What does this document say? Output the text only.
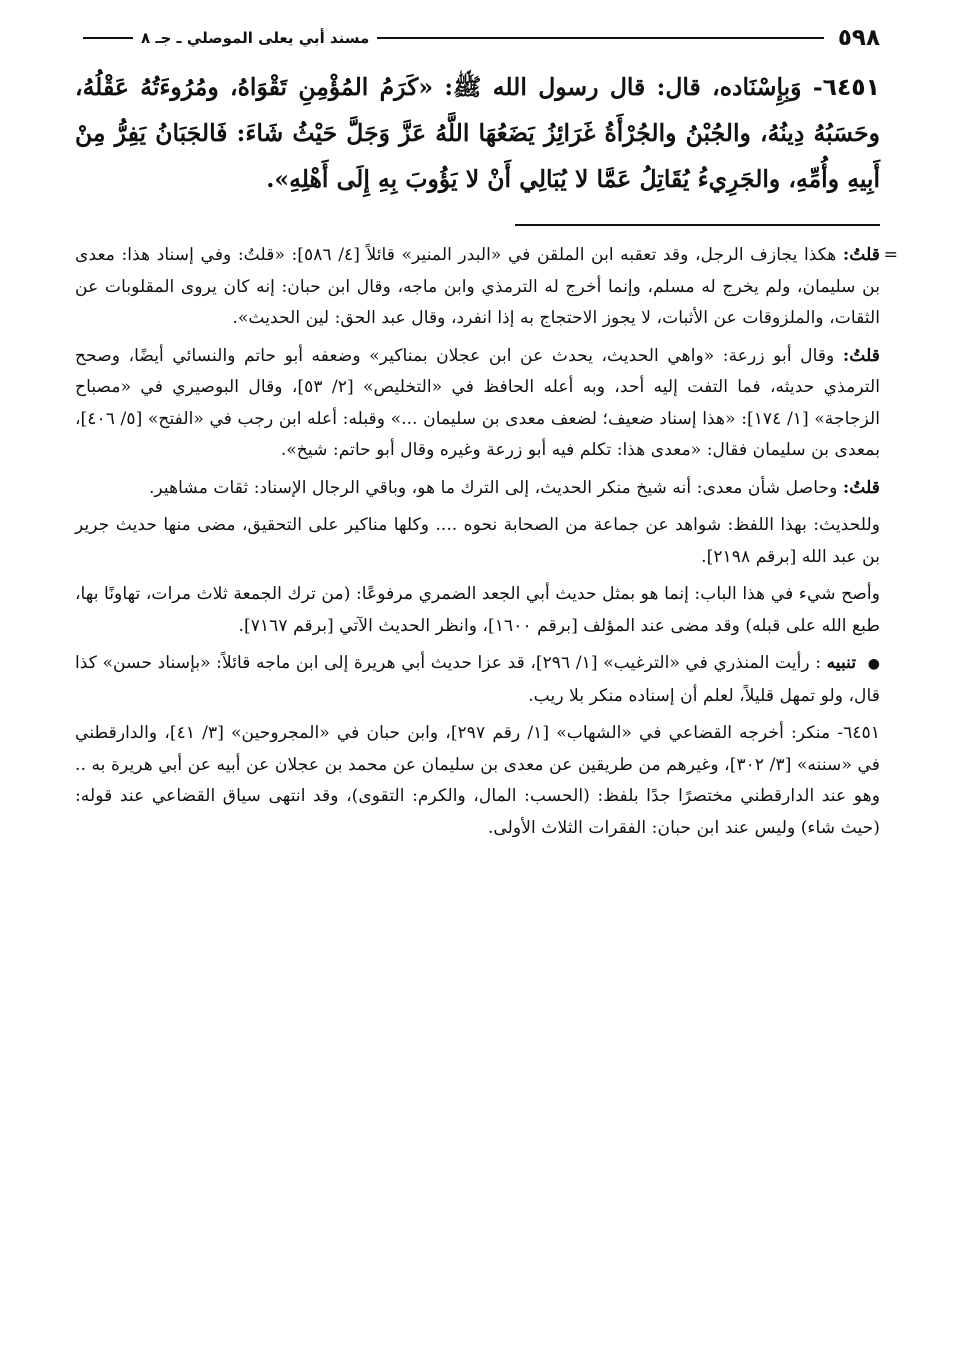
٥٩٨
مسند أبي يعلى الموصلي ـ جـ ٨
٦٤٥١- وَبِإِسْنَاده، قال: قال رسول الله ﷺ: «كَرَمُ المُؤْمِنِ تَقْوَاهُ، ومُرُوءَتُهُ عَقْلُهُ، وحَسَبُهُ دِينُهُ، والجُبْنُ والجُرْأَةُ غَرَائِزُ يَضَعُهَا اللَّهُ عَزَّ وَجَلَّ حَيْثُ شَاءَ: فَالجَبَانُ يَفِرُّ مِنْ أَبِيهِ وأُمِّهِ، والجَرِيءُ يُقَاتِلُ عَمَّا لا يُبَالِي أَنْ لا يَؤُوبَ بِهِ إِلَى أَهْلِهِ».

=
قلتُ: هكذا يجازف الرجل، وقد تعقبه ابن الملقن في «البدر المنير» قائلاً [٤/ ٥٨٦]: «قلتُ: وفي إسناد هذا: معدى بن سليمان، ولم يخرج له مسلم، وإنما أخرج له الترمذي وابن ماجه، وقال ابن حبان: إنه كان يروى المقلوبات عن الثقات، والملزوقات عن الأثبات، لا يجوز الاحتجاج به إذا انفرد، وقال عبد الحق: لين الحديث».

قلتُ: وقال أبو زرعة: «واهي الحديث، يحدث عن ابن عجلان بمناكير» وضعفه أبو حاتم والنسائي أيضًا، وصحح الترمذي حديثه، فما التفت إليه أحد، وبه أعله الحافظ في «التخليص» [٢/ ٥٣]، وقال البوصيري في «مصباح الزجاجة» [١/ ١٧٤]: «هذا إسناد ضعيف؛ لضعف معدى بن سليمان ...» وقبله: أعله ابن رجب في «الفتح» [٥/ ٤٠٦]، بمعدى بن سليمان فقال: «معدى هذا: تكلم فيه أبو زرعة وغيره وقال أبو حاتم: شيخ».

قلتُ: وحاصل شأن معدى: أنه شيخ منكر الحديث، إلى الترك ما هو، وباقي الرجال الإسناد: ثقات مشاهير.

وللحديث: بهذا اللفظ: شواهد عن جماعة من الصحابة نحوه .... وكلها مناكير على التحقيق، مضى منها حديث جرير بن عبد الله [برقم ٢١٩٨].

وأصح شيء في هذا الباب: إنما هو بمثل حديث أبي الجعد الضمري مرفوعًا: (من ترك الجمعة ثلاث مرات، تهاونًا بها، طبع الله على قبله) وقد مضى عند المؤلف [برقم ١٦٠٠]، وانظر الحديث الآتي [برقم ٧١٦٧].

● تنبيه : رأيت المنذري في «الترغيب» [١/ ٢٩٦]، قد عزا حديث أبي هريرة إلى ابن ماجه قائلاً: «بإسناد حسن» كذا قال، ولو تمهل قليلاً، لعلم أن إسناده منكر بلا ريب.

٦٤٥١- منكر: أخرجه القضاعي في «الشهاب» [١/ رقم ٢٩٧]، وابن حبان في «المجروحين» [٣/ ٤١]، والدارقطني في «سننه» [٣/ ٣٠٢]، وغيرهم من طريقين عن معدى بن سليمان عن محمد بن عجلان عن أبيه عن أبي هريرة به .. وهو عند الدارقطني مختصرًا جدًا بلفظ: (الحسب: المال، والكرم: التقوى)، وقد انتهى سياق القضاعي عند قوله: (حيث شاء) وليس عند ابن حبان: الفقرات الثلاث الأولى.
